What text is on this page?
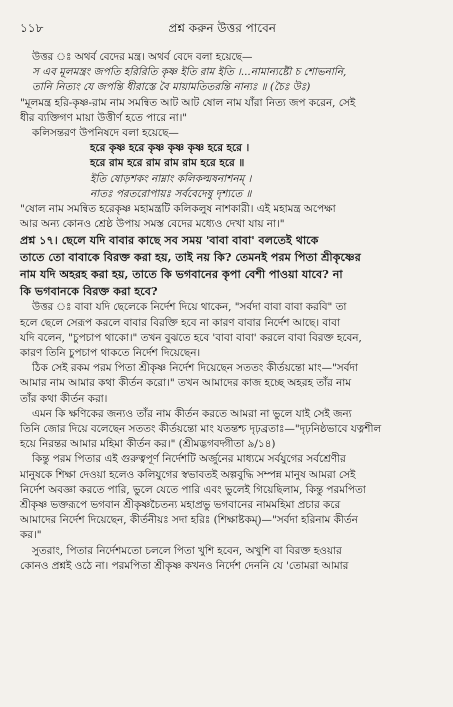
১১৮	প্রশ্ন করুন উত্তর পাবেন

উত্তর ঃ অথর্ব বেদের মন্ত্র। অথর্ব বেদে বলা হয়েছে—

স এব মূলমন্ত্রং জপতি হরিরিতি কৃষ্ণ ইতি রাম ইতি ।...নামান্যষ্টৌ চ শোভনানি,

তানি নিত্যং যে জপন্তি ধীরাস্তে বৈ মায়ামতিতরন্তি নান্যঃ ॥ (চৈঃ উঃ)

"মূলমন্ত্র হরি-কৃষ্ণ-রাম নাম সমন্বিত আট আট ষোল নাম যাঁরা নিত্য জপ করেন, সেই

ধীর ব্যক্তিগণ মায়া উত্তীর্ণ হতে পারে না।"

কলিসন্তরণ উপনিষদে বলা হয়েছে—

হরে কৃষ্ণ হরে কৃষ্ণ কৃষ্ণ কৃষ্ণ হরে হরে ।

হরে রাম হরে রাম রাম রাম হরে হরে ॥

ইতি ষোড়শকং নাম্নাং কলিকল্মষনাশনম্ ।

নাতঃ পরতরোপায়ঃ সর্ববেদেষু দৃশ্যতে ॥

"ষোল নাম সমন্বিত হরেকৃষ্ণ মহামন্ত্রটি কলিকলুষ নাশকারী। এই মহামন্ত্র অপেক্ষা

আর অন্য কোনও শ্রেষ্ঠ উপায় সমস্ত বেদের মধ্যেও দেখা যায় না।"

প্রশ্ন ১৭। ছেলে যদি বাবার কাছে সব সময় 'বাবা বাবা' বলতেই থাকে

তাতে তো বাবাকে বিরক্ত করা হয়, তাই নয় কি? তেমনই পরম পিতা শ্রীকৃষ্ণের

নাম যদি অহরহ করা হয়, তাতে কি ভগবানের কৃপা বেশী পাওয়া যাবে? না

কি ভগবানকে বিরক্ত করা হবে?

উত্তর ঃ বাবা যদি ছেলেকে নির্দেশ দিয়ে থাকেন, "সর্বদা বাবা বাবা করবি" তা

হলে ছেলে সেরূপ করলে বাবার বিরক্তি হবে না কারণ বাবার নির্দেশ আছে। বাবা

যদি বলেন, "চুপচাপ থাকো।" তখন বুঝতে হবে 'বাবা বাবা' করলে বাবা বিরক্ত হবেন,

কারণ তিনি চুপচাপ থাকতে নির্দেশ দিয়েছেন।

ঠিক সেই রকম পরম পিতা শ্রীকৃষ্ণ নির্দেশ দিয়েছেন সততং কীর্তয়ন্তো মাং—"সর্বদা

আমার নাম আমার কথা কীর্তন করো।" তখন আমাদের কাজ হচ্ছে অহরহ তাঁর নাম

তাঁর কথা কীর্তন করা।

এমন কি ক্ষণিকের জন্যও তাঁর নাম কীর্তন করতে আমরা না ভুলে যাই সেই জন্য

তিনি জোর দিয়ে বলেছেন সততং কীর্তয়ন্তো মাং যতন্তশ্চ দৃঢ়ব্রতাঃ—"দৃঢ়নিষ্ঠভাবে যত্নশীল

হয়ে নিরন্তর আমার মহিমা কীর্তন কর।" (শ্রীমদ্ভগবদ্গীতা ৯/১৪)

কিন্তু পরম পিতার এই গুরুত্বপূর্ণ নির্দেশটি অর্জুনের মাধ্যমে সর্বযুগের সর্বশ্রেণীর

মানুষকে শিক্ষা দেওয়া হলেও কলিযুগের স্বভাবতই অল্পবুদ্ধি সম্পন্ন মানুষ আমরা সেই

নির্দেশ অবজ্ঞা করতে পারি, ভুলে যেতে পারি এবং ভুলেই গিয়েছিলাম, কিন্তু পরমপিতা

শ্রীকৃষ্ণ ভক্তরূপে ভগবান শ্রীকৃষ্ণচৈতন্য মহাপ্রভু ভগবানের নামমহিমা প্রচার করে

আমাদের নির্দেশ দিয়েছেন, কীর্তনীয়ঃ সদা হরিঃ (শিক্ষাষ্টকম্)—"সর্বদা হরিনাম কীর্তন

কর।"

সুতরাং, পিতার নির্দেশমতো চললে পিতা খুশি হবেন, অখুশি বা বিরক্ত হওয়ার

কোনও প্রশ্নই ওঠে না। পরমপিতা শ্রীকৃষ্ণ কখনও নির্দেশ দেননি যে 'তোমরা আমার
